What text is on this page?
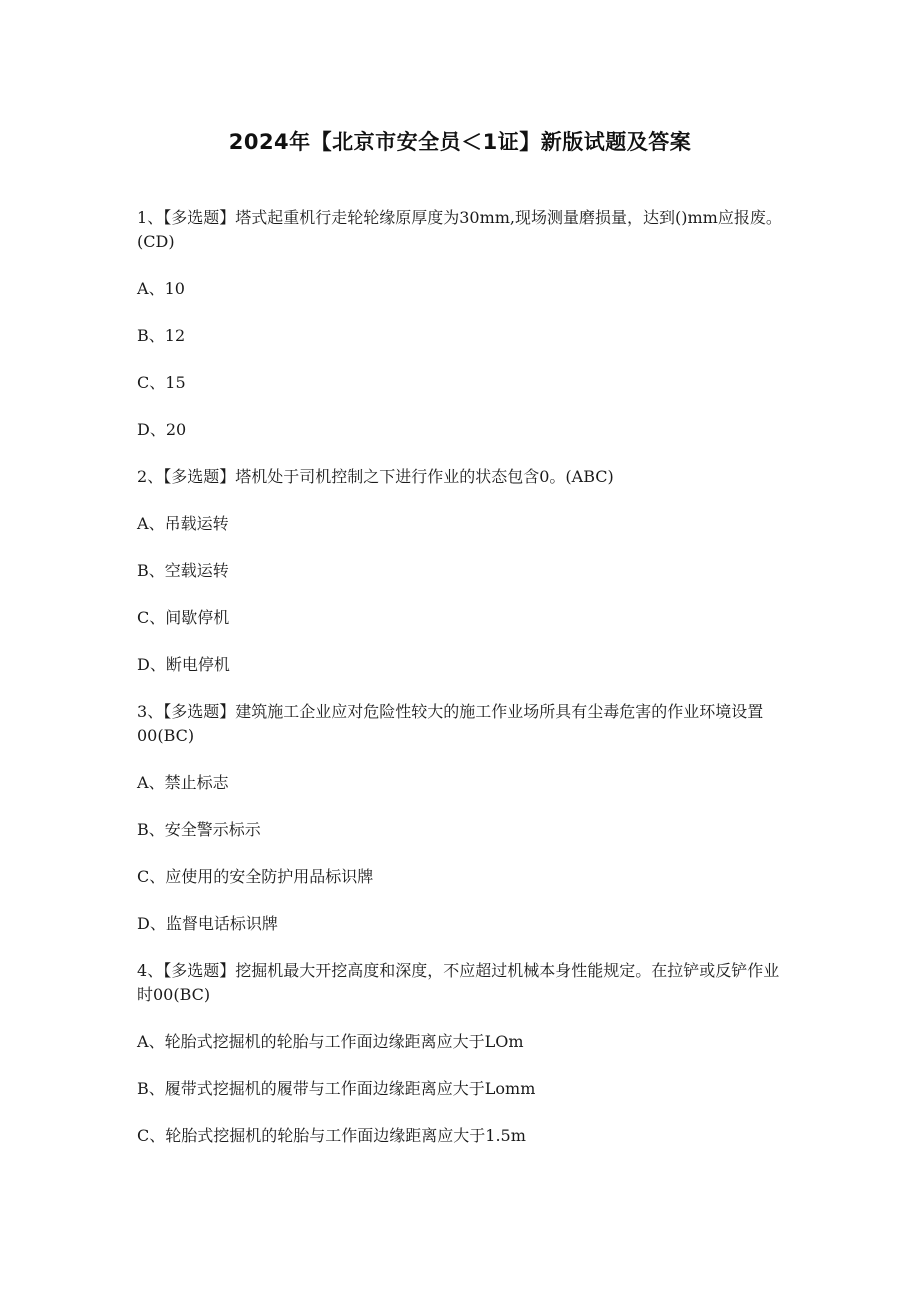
2024年【北京市安全员＜1证】新版试题及答案
1、【多选题】塔式起重机行走轮轮缘原厚度为30mm,现场测量磨损量，达到()mm应报废。(CD)
A、10
B、12
C、15
D、20
2、【多选题】塔机处于司机控制之下进行作业的状态包含0。(ABC)
A、吊载运转
B、空载运转
C、间歇停机
D、断电停机
3、【多选题】建筑施工企业应对危险性较大的施工作业场所具有尘毒危害的作业环境设置00(BC)
A、禁止标志
B、安全警示标示
C、应使用的安全防护用品标识牌
D、监督电话标识牌
4、【多选题】挖掘机最大开挖高度和深度，不应超过机械本身性能规定。在拉铲或反铲作业时00(BC)
A、轮胎式挖掘机的轮胎与工作面边缘距离应大于LOm
B、履带式挖掘机的履带与工作面边缘距离应大于Lomm
C、轮胎式挖掘机的轮胎与工作面边缘距离应大于1.5m
